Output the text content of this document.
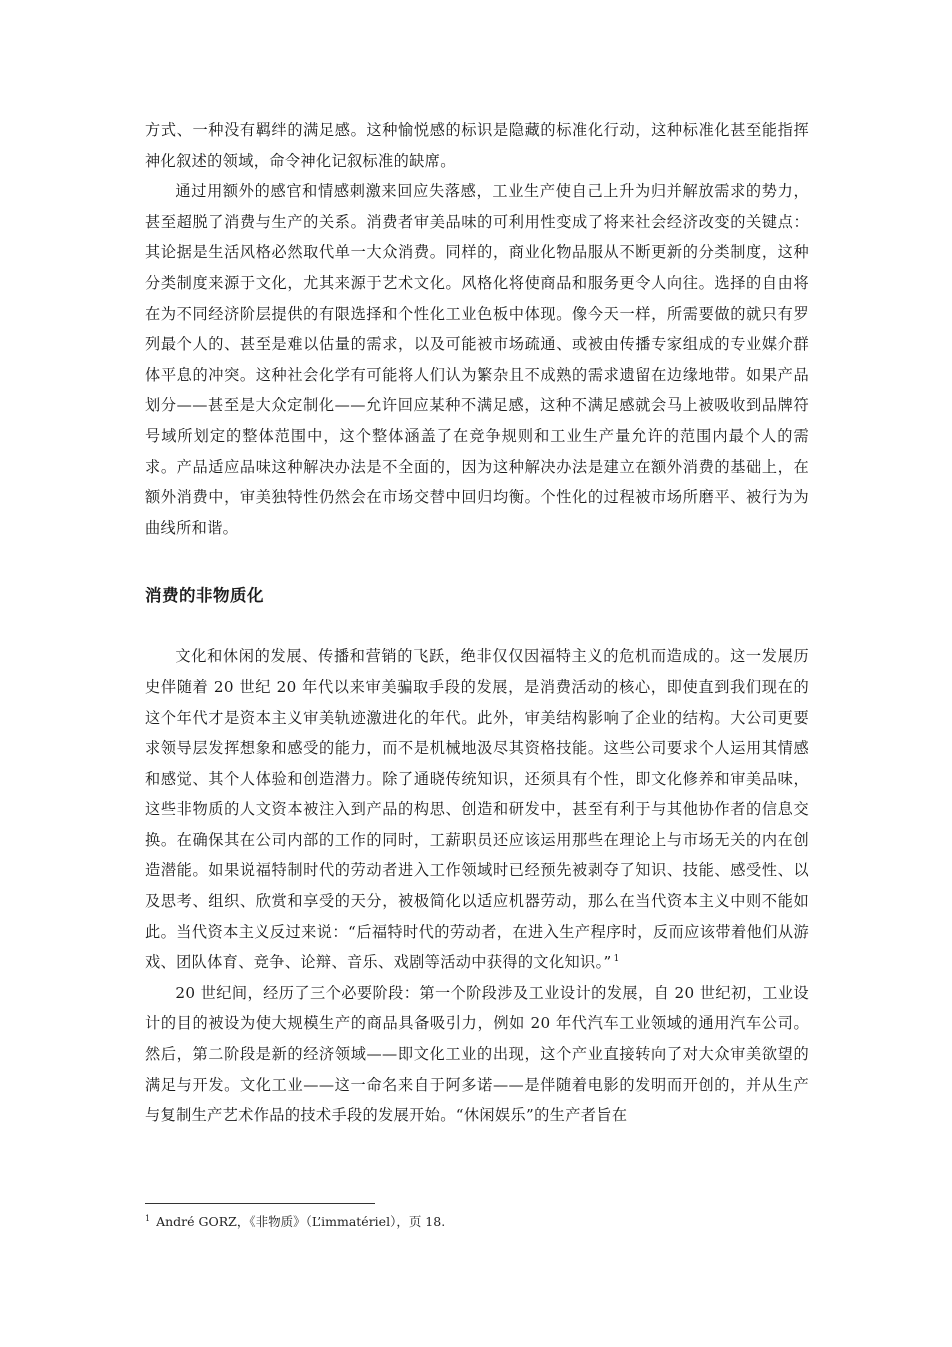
方式、一种没有羁绊的满足感。这种愉悦感的标识是隐藏的标准化行动，这种标准化甚至能指挥神化叙述的领域，命令神化记叙标准的缺席。

通过用额外的感官和情感刺激来回应失落感，工业生产使自己上升为归并解放需求的势力，甚至超脱了消费与生产的关系。消费者审美品味的可利用性变成了将来社会经济改变的关键点：其论据是生活风格必然取代单一大众消费。同样的，商业化物品服从不断更新的分类制度，这种分类制度来源于文化，尤其来源于艺术文化。风格化将使商品和服务更令人向往。选择的自由将在为不同经济阶层提供的有限选择和个性化工业色板中体现。像今天一样，所需要做的就只有罗列最个人的、甚至是难以估量的需求，以及可能被市场疏通、或被由传播专家组成的专业媒介群体平息的冲突。这种社会化学有可能将人们认为繁杂且不成熟的需求遗留在边缘地带。如果产品划分——甚至是大众定制化——允许回应某种不满足感，这种不满足感就会马上被吸收到品牌符号域所划定的整体范围中，这个整体涵盖了在竞争规则和工业生产量允许的范围内最个人的需求。产品适应品味这种解决办法是不全面的，因为这种解决办法是建立在额外消费的基础上，在额外消费中，审美独特性仍然会在市场交替中回归均衡。个性化的过程被市场所磨平、被行为为曲线所和谐。

消费的非物质化

文化和休闲的发展、传播和营销的飞跃，绝非仅仅因福特主义的危机而造成的。这一发展历史伴随着 20 世纪 20 年代以来审美骗取手段的发展，是消费活动的核心，即使直到我们现在的这个年代才是资本主义审美轨迹激进化的年代。此外，审美结构影响了企业的结构。大公司更要求领导层发挥想象和感受的能力，而不是机械地汲尽其资格技能。这些公司要求个人运用其情感和感觉、其个人体验和创造潜力。除了通晓传统知识，还须具有个性，即文化修养和审美品味，这些非物质的人文资本被注入到产品的构思、创造和研发中，甚至有利于与其他协作者的信息交换。在确保其在公司内部的工作的同时，工薪职员还应该运用那些在理论上与市场无关的内在创造潜能。如果说福特制时代的劳动者进入工作领域时已经预先被剥夺了知识、技能、感受性、以及思考、组织、欣赏和享受的天分，被极简化以适应机器劳动，那么在当代资本主义中则不能如此。当代资本主义反过来说：“后福特时代的劳动者，在进入生产程序时，反而应该带着他们从游戏、团队体育、竞争、论辩、音乐、戏剧等活动中获得的文化知识。” $^1$

20 世纪间，经历了三个必要阶段：第一个阶段涉及工业设计的发展，自 20 世纪初，工业设计的目的被设为使大规模生产的商品具备吸引力，例如 20 年代汽车工业领域的通用汽车公司。然后，第二阶段是新的经济领域——即文化工业的出现，这个产业直接转向了对大众审美欲望的满足与开发。文化工业——这一命名来自于阿多诺——是伴随着电影的发明而开创的，并从生产与复制生产艺术作品的技术手段的发展开始。“休闲娱乐”的生产者旨在

$^1$ André GORZ，《非物质》（L’immatériel），页 18.
